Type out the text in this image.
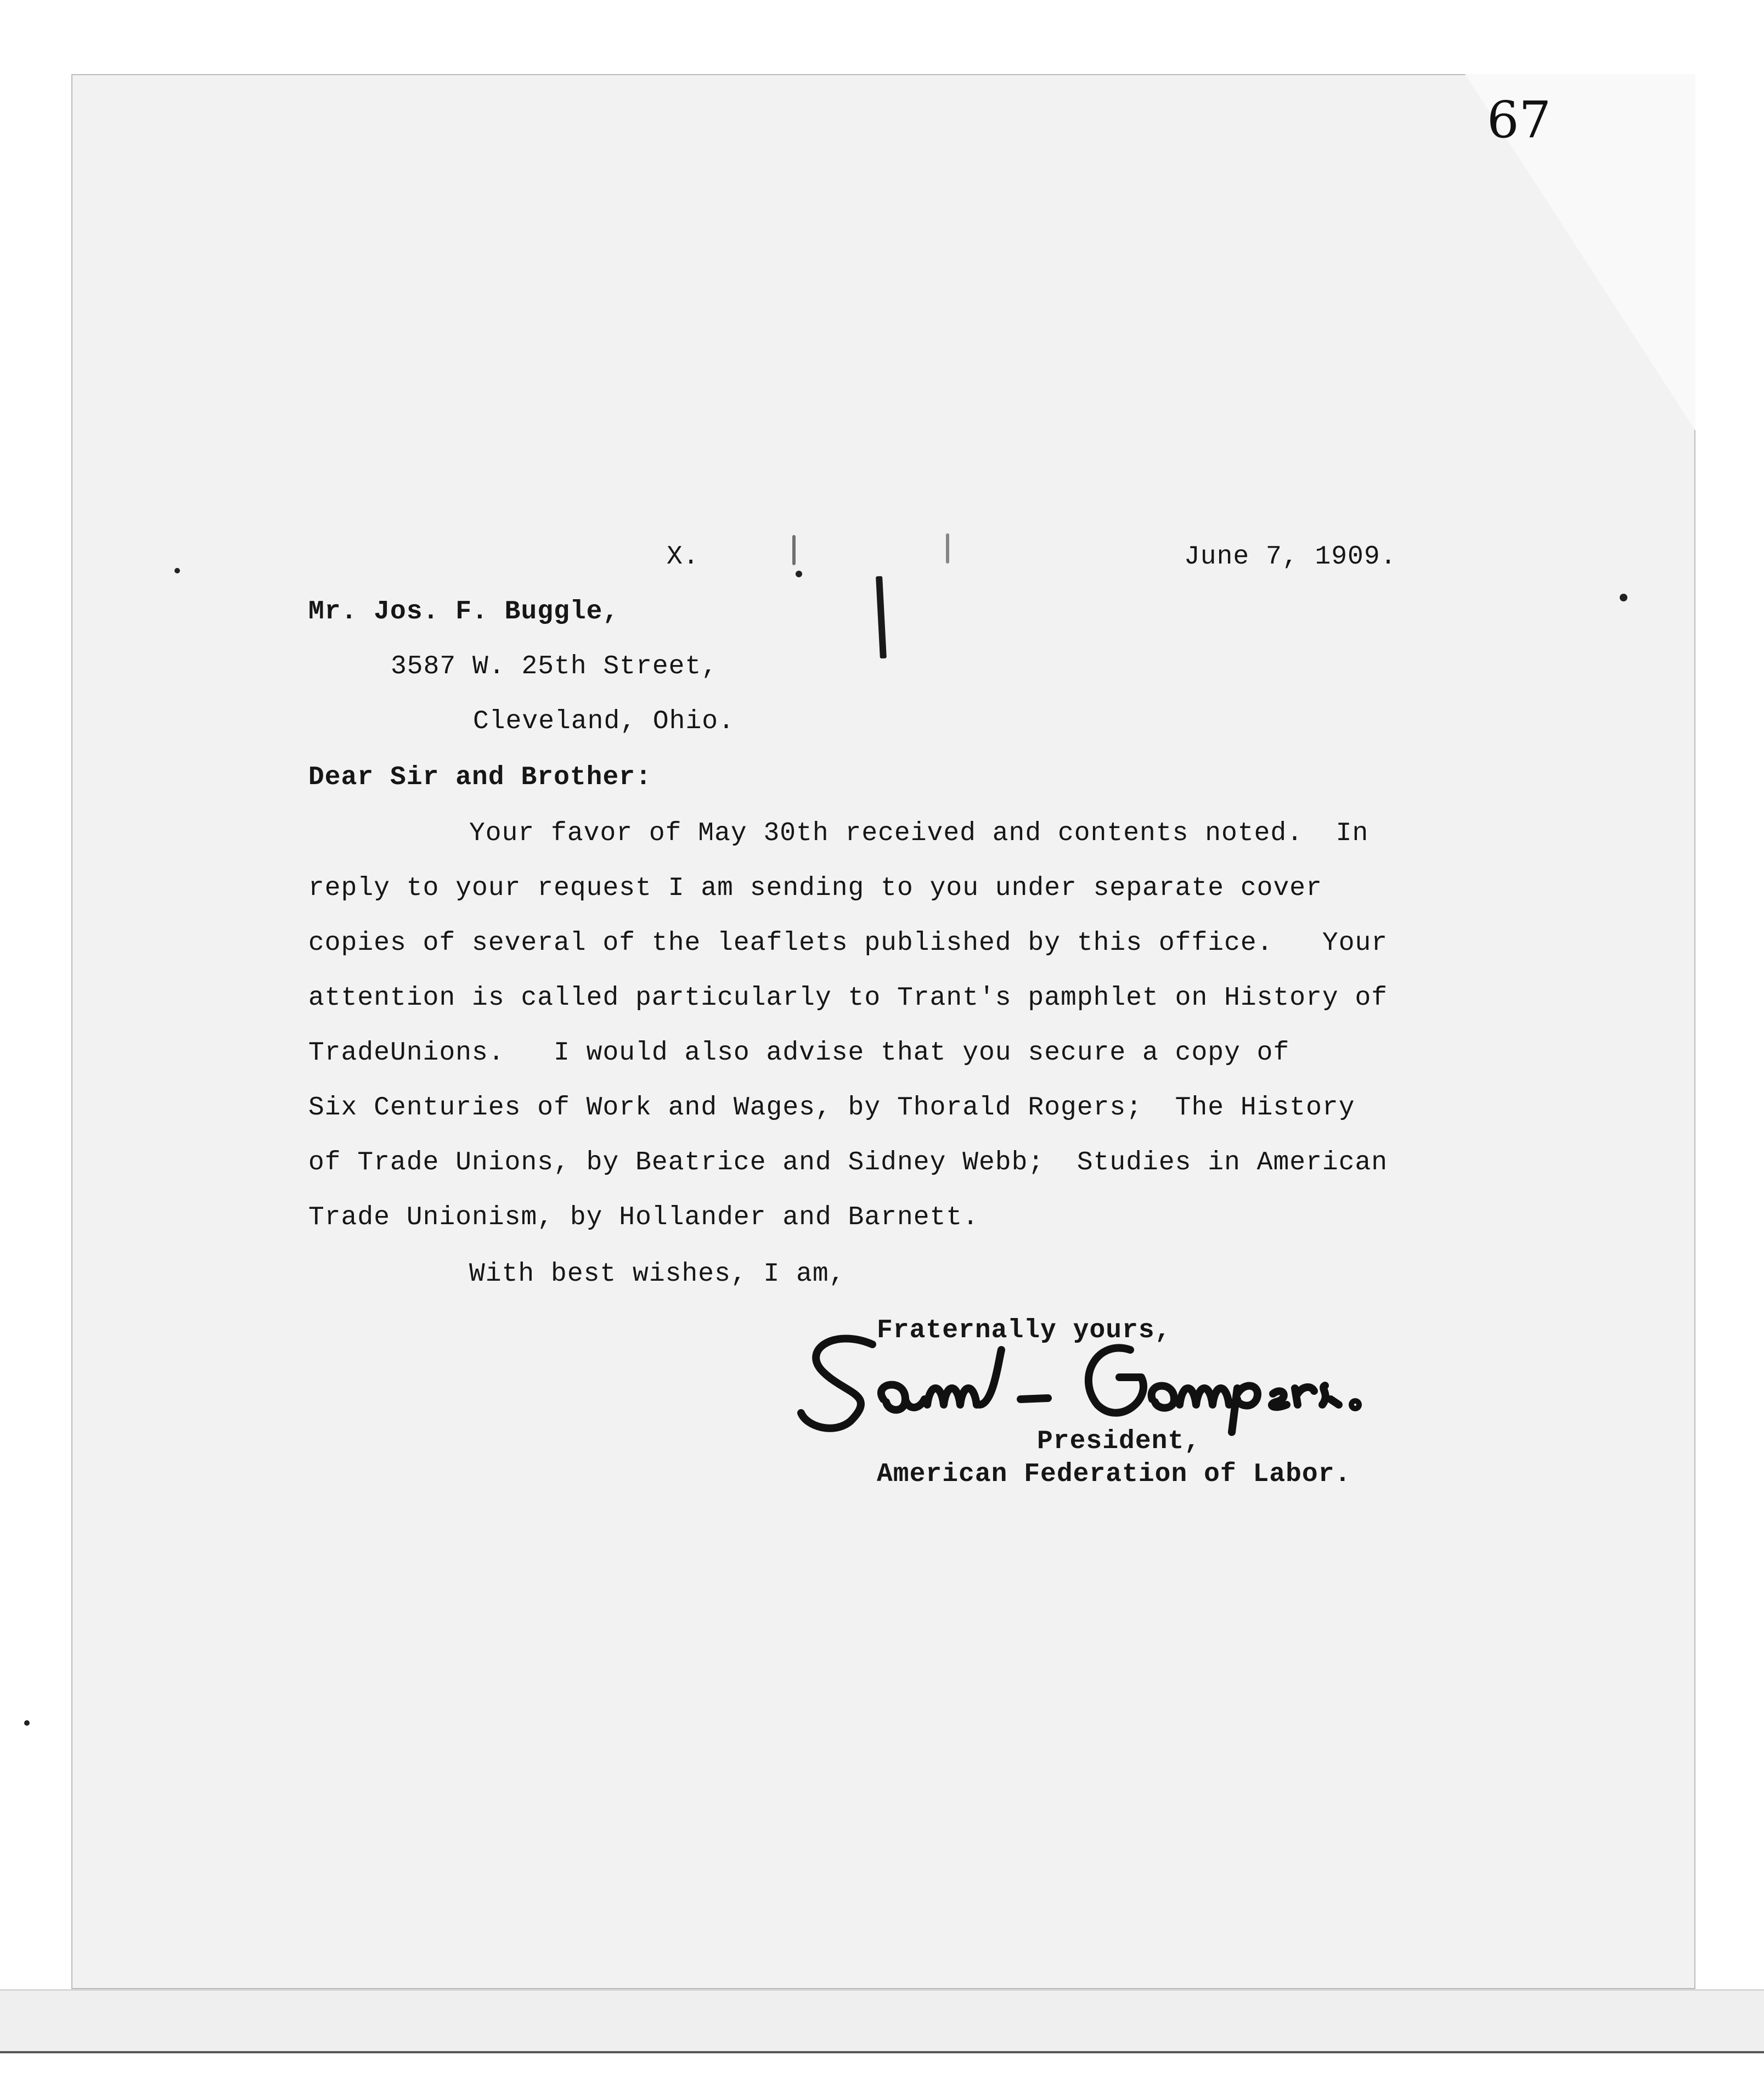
67
X.	June 7, 1909.
Mr. Jos. F. Buggle,
3587 W. 25th Street,
Cleveland, Ohio.
Dear Sir and Brother:
Your favor of May 30th received and contents noted.  In
reply to your request I am sending to you under separate cover
copies of several of the leaflets published by this office.   Your
attention is called particularly to Trant's pamphlet on History of
TradeUnions.   I would also advise that you secure a copy of
Six Centuries of Work and Wages, by Thorald Rogers;  The History
of Trade Unions, by Beatrice and Sidney Webb;  Studies in American
Trade Unionism, by Hollander and Barnett.
With best wishes, I am,
Fraternally yours,
President,
American Federation of Labor.
